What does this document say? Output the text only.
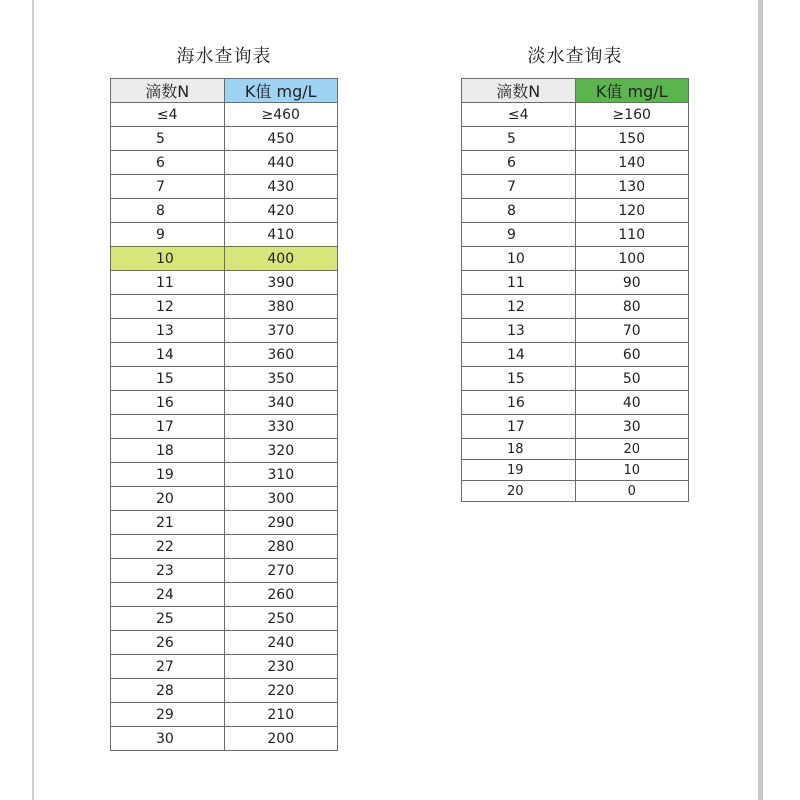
海水查询表
滴数N	K值 mg/L
≤4	≥460
5	450
6	440
7	430
8	420
9	410
10	400
11	390
12	380
13	370
14	360
15	350
16	340
17	330
18	320
19	310
20	300
21	290
22	280
23	270
24	260
25	250
26	240
27	230
28	220
29	210
30	200
淡水查询表
滴数N	K值 mg/L
≤4	≥160
5	150
6	140
7	130
8	120
9	110
10	100
11	90
12	80
13	70
14	60
15	50
16	40
17	30
18	20
19	10
20	0
